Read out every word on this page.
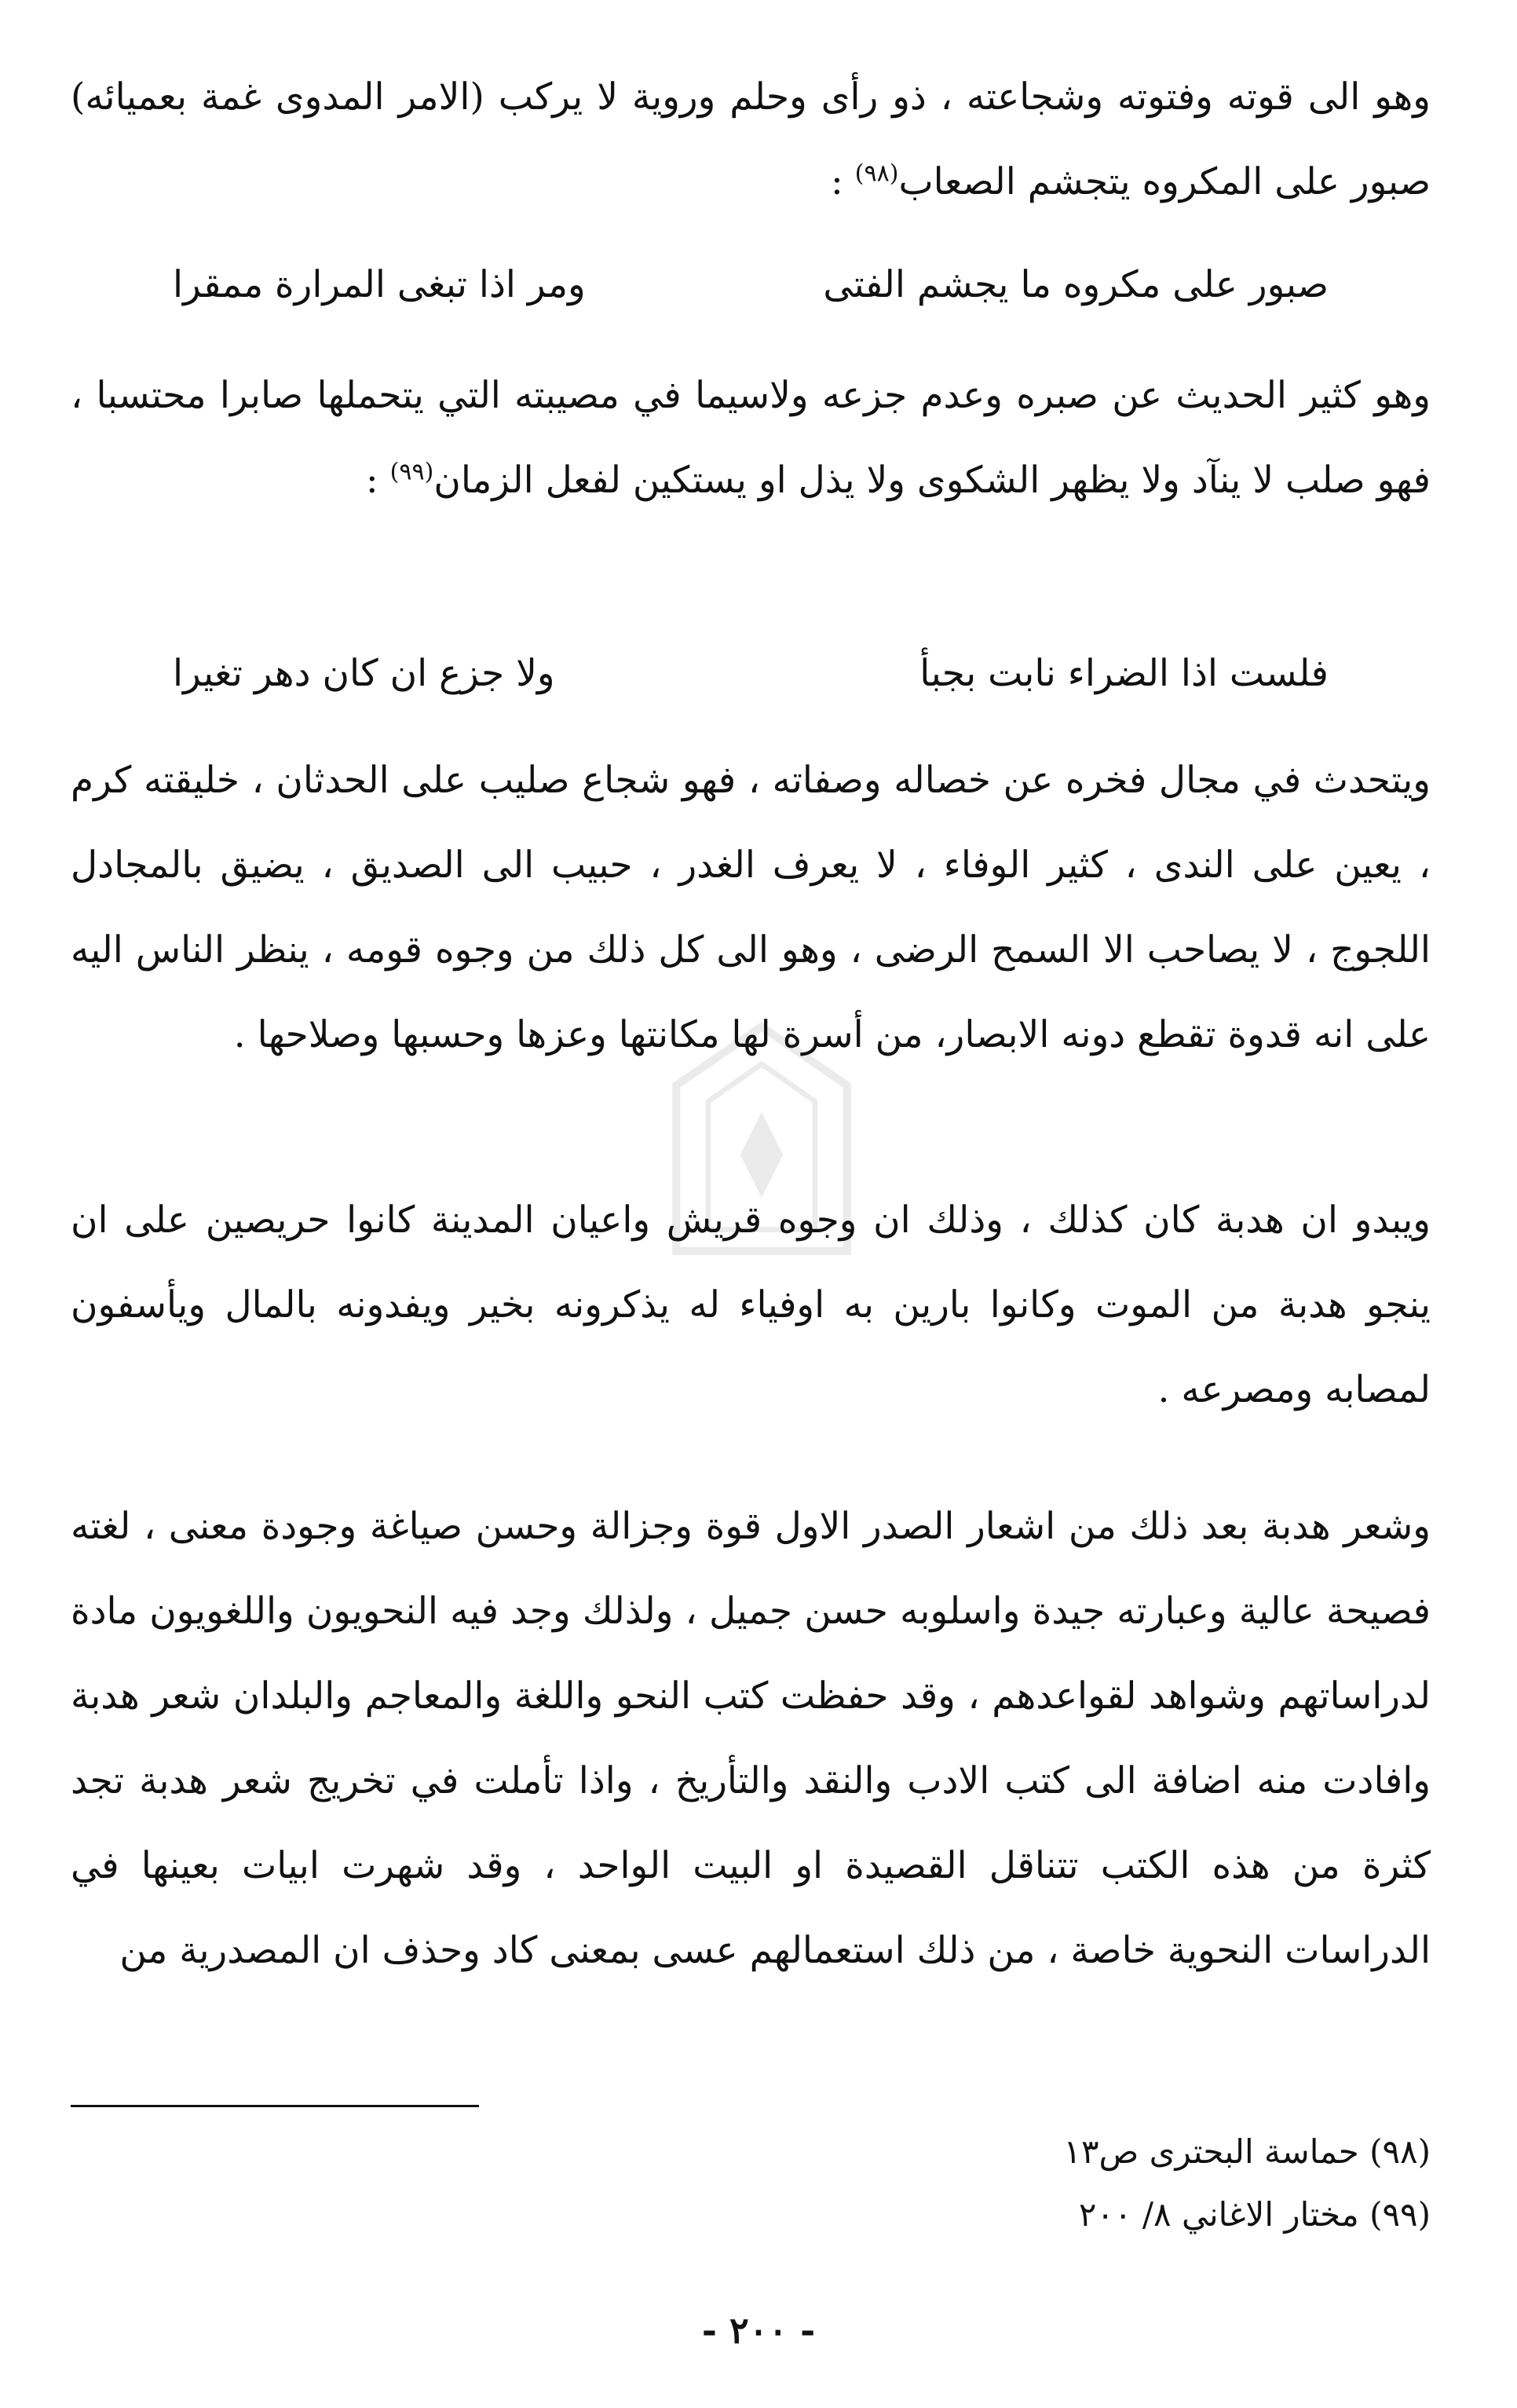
وهو الى قوته وفتوته وشجاعته ، ذو رأى وحلم وروية لا يركب (الامر المدوى غمة بعميائه) صبور على المكروه يتجشم الصعاب$^{(٩٨)}$ :

صبور على مكروه ما يجشم الفتى
ومر اذا تبغى المرارة ممقرا

وهو كثير الحديث عن صبره وعدم جزعه ولاسيما في مصيبته التي يتحملها صابرا محتسبا ، فهو صلب لا ينآد ولا يظهر الشكوى ولا يذل او يستكين لفعل الزمان$^{(٩٩)}$ :

فلست اذا الضراء نابت بجبأ
ولا جزع ان كان دهر تغيرا

ويتحدث في مجال فخره عن خصاله وصفاته ، فهو شجاع صليب على الحدثان ، خليقته كرم ، يعين على الندى ، كثير الوفاء ، لا يعرف الغدر ، حبيب الى الصديق ، يضيق بالمجادل اللجوج ، لا يصاحب الا السمح الرضى ، وهو الى كل ذلك من وجوه قومه ، ينظر الناس اليه على انه قدوة تقطع دونه الابصار، من أسرة لها مكانتها وعزها وحسبها وصلاحها .

ويبدو ان هدبة كان كذلك ، وذلك ان وجوه قريش واعيان المدينة كانوا حريصين على ان ينجو هدبة من الموت وكانوا بارين به اوفياء له يذكرونه بخير ويفدونه بالمال ويأسفون لمصابه ومصرعه .

وشعر هدبة بعد ذلك من اشعار الصدر الاول قوة وجزالة وحسن صياغة وجودة معنى ، لغته فصيحة عالية وعبارته جيدة واسلوبه حسن جميل ، ولذلك وجد فيه النحويون واللغويون مادة لدراساتهم وشواهد لقواعدهم ، وقد حفظت كتب النحو واللغة والمعاجم والبلدان شعر هدبة وافادت منه اضافة الى كتب الادب والنقد والتأريخ ، واذا تأملت في تخريج شعر هدبة تجد كثرة من هذه الكتب تتناقل القصيدة او البيت الواحد ، وقد شهرت ابيات بعينها في الدراسات النحوية خاصة ، من ذلك استعمالهم عسى بمعنى كاد وحذف ان المصدرية من

(٩٨) حماسة البحترى ص١٣
(٩٩) مختار الاغاني ٨/ ٢٠٠
- ٢٠٠ -
